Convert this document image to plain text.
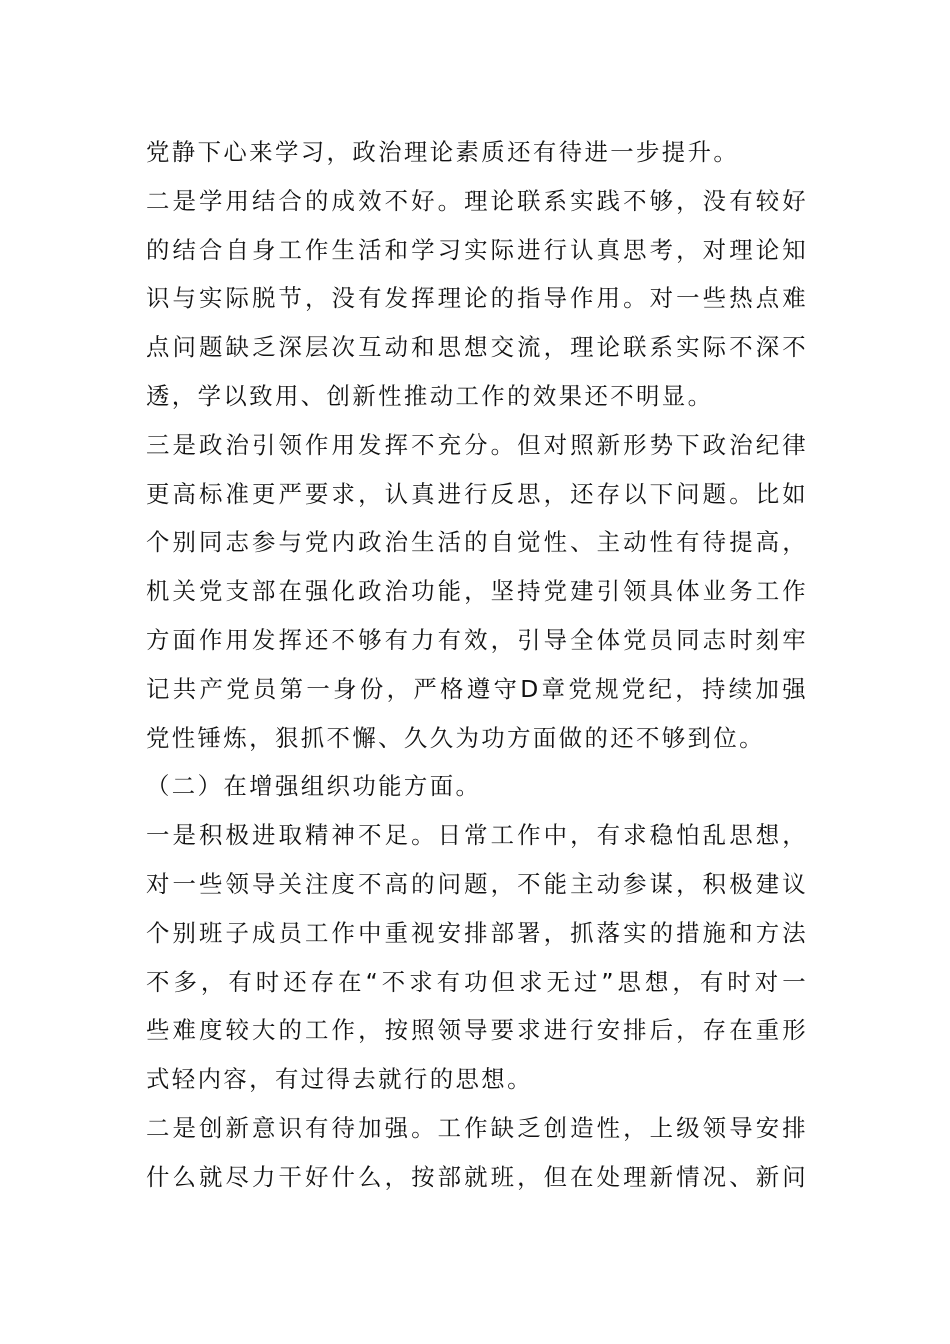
党静下心来学习，政治理论素质还有待进一步提升。
二是学用结合的成效不好。理论联系实践不够，没有较好
的结合自身工作生活和学习实际进行认真思考，对理论知
识与实际脱节，没有发挥理论的指导作用。对一些热点难
点问题缺乏深层次互动和思想交流，理论联系实际不深不
透，学以致用、创新性推动工作的效果还不明显。
三是政治引领作用发挥不充分。但对照新形势下政治纪律
更高标准更严要求，认真进行反思，还存以下问题。比如
个别同志参与党内政治生活的自觉性、主动性有待提高，
机关党支部在强化政治功能，坚持党建引领具体业务工作
方面作用发挥还不够有力有效，引导全体党员同志时刻牢
记共产党员第一身份，严格遵守D章党规党纪，持续加强
党性锤炼，狠抓不懈、久久为功方面做的还不够到位。
（二）在增强组织功能方面。
一是积极进取精神不足。日常工作中，有求稳怕乱思想，
对一些领导关注度不高的问题，不能主动参谋，积极建议
个别班子成员工作中重视安排部署，抓落实的措施和方法
不多，有时还存在“不求有功但求无过”思想，有时对一
些难度较大的工作，按照领导要求进行安排后，存在重形
式轻内容，有过得去就行的思想。
二是创新意识有待加强。工作缺乏创造性，上级领导安排
什么就尽力干好什么，按部就班，但在处理新情况、新问
